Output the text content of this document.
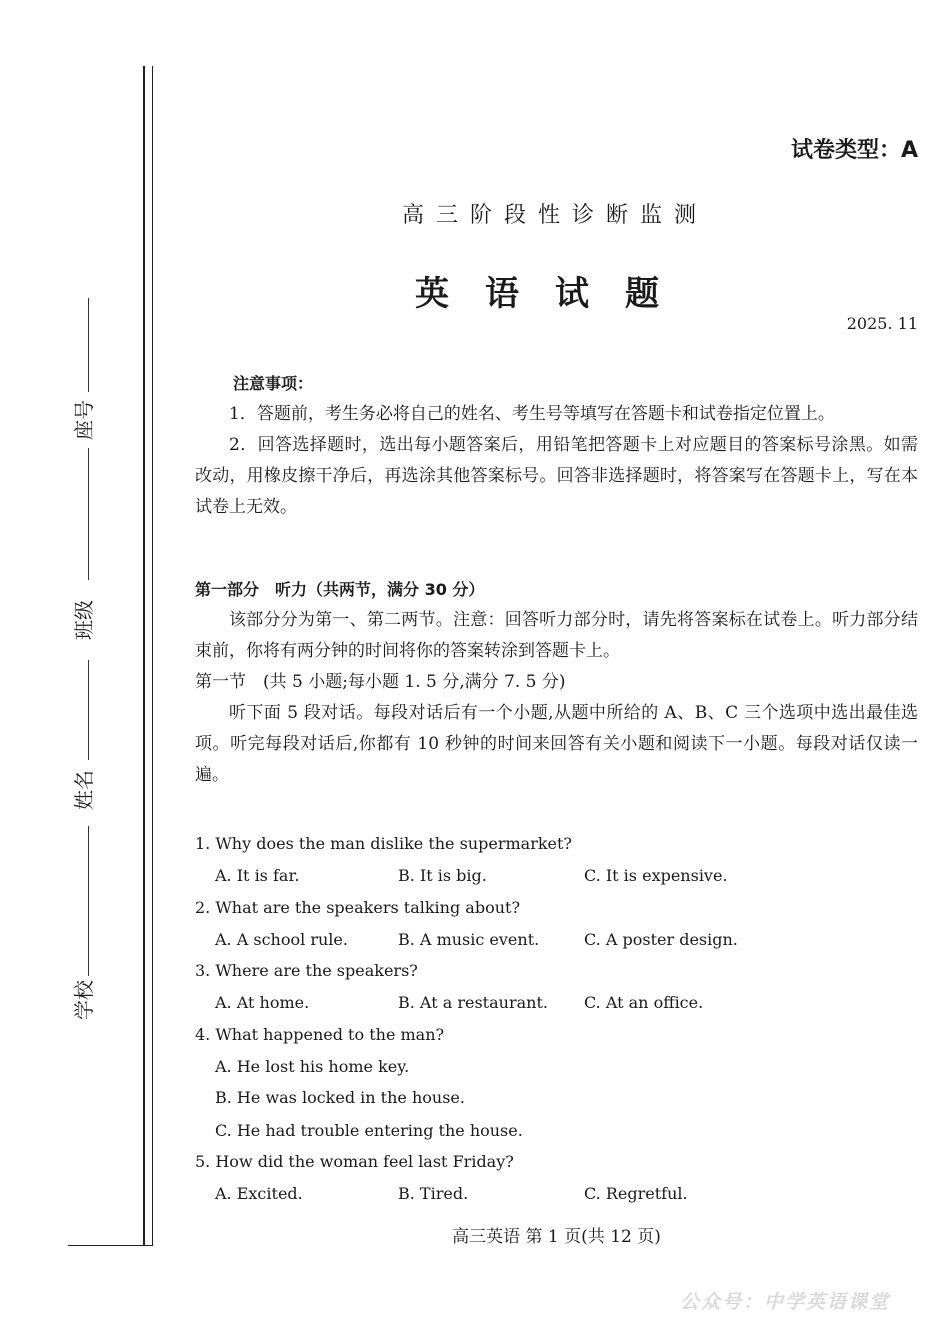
座号
班级
姓名
学校
试卷类型：A
高三阶段性诊断监测
英语试题
2025. 11
注意事项：
1．答题前，考生务必将自己的姓名、考生号等填写在答题卡和试卷指定位置上。
2．回答选择题时，选出每小题答案后，用铅笔把答题卡上对应题目的答案标号涂黑。如需改动，用橡皮擦干净后，再选涂其他答案标号。回答非选择题时，将答案写在答题卡上，写在本试卷上无效。
第一部分　听力（共两节，满分 30 分）
该部分分为第一、第二两节。注意：回答听力部分时，请先将答案标在试卷上。听力部分结束前，你将有两分钟的时间将你的答案转涂到答题卡上。
第一节　(共 5 小题;每小题 1. 5 分,满分 7. 5 分)
听下面 5 段对话。每段对话后有一个小题,从题中所给的 A、B、C 三个选项中选出最佳选项。听完每段对话后,你都有 10 秒钟的时间来回答有关小题和阅读下一小题。每段对话仅读一遍。
1. Why does the man dislike the supermarket?
A. It is far.	B. It is big.	C. It is expensive.
2. What are the speakers talking about?
A. A school rule.	B. A music event.	C. A poster design.
3. Where are the speakers?
A. At home.	B. At a restaurant. C. At an office.
4. What happened to the man?
A. He lost his home key.
B. He was locked in the house.
C. He had trouble entering the house.
5. How did the woman feel last Friday?
A. Excited.	B. Tired.	C. Regretful.
高三英语 第 1 页(共 12 页)
公众号：中学英语课堂
